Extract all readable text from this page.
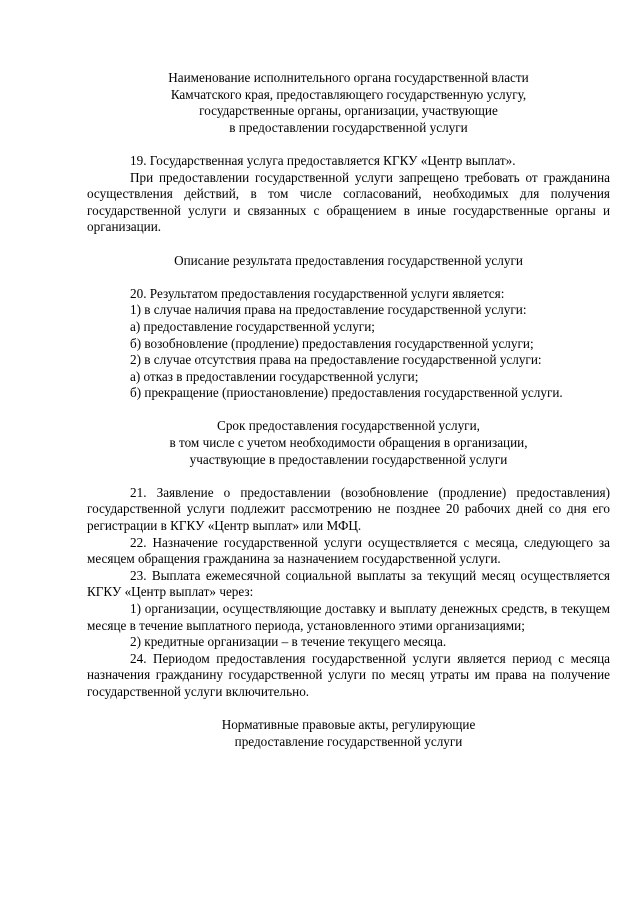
Наименование исполнительного органа государственной власти
Камчатского края, предоставляющего государственную услугу,
государственные органы, организации, участвующие
в предоставлении государственной услуги

19. Государственная услуга предоставляется КГКУ «Центр выплат».

При предоставлении государственной услуги запрещено требовать от гражданина осуществления действий, в том числе согласований, необходимых для получения государственной услуги и связанных с обращением в иные государственные органы и организации.

Описание результата предоставления государственной услуги

20. Результатом предоставления государственной услуги является:

1) в случае наличия права на предоставление государственной услуги:

а) предоставление государственной услуги;

б) возобновление (продление) предоставления государственной услуги;

2) в случае отсутствия права на предоставление государственной услуги:

а) отказ в предоставлении государственной услуги;

б) прекращение (приостановление) предоставления государственной услуги.

Срок предоставления государственной услуги,
в том числе с учетом необходимости обращения в организации,
участвующие в предоставлении государственной услуги

21. Заявление о предоставлении (возобновление (продление) предоставления) государственной услуги подлежит рассмотрению не позднее 20 рабочих дней со дня его регистрации в КГКУ «Центр выплат» или МФЦ.

22. Назначение государственной услуги осуществляется с месяца, следующего за месяцем обращения гражданина за назначением государственной услуги.

23. Выплата ежемесячной социальной выплаты за текущий месяц осуществляется КГКУ «Центр выплат» через:

1) организации, осуществляющие доставку и выплату денежных средств, в текущем месяце в течение выплатного периода, установленного этими организациями;

2) кредитные организации – в течение текущего месяца.

24. Периодом предоставления государственной услуги является период с месяца назначения гражданину государственной услуги по месяц утраты им права на получение государственной услуги включительно.

Нормативные правовые акты, регулирующие
предоставление государственной услуги
